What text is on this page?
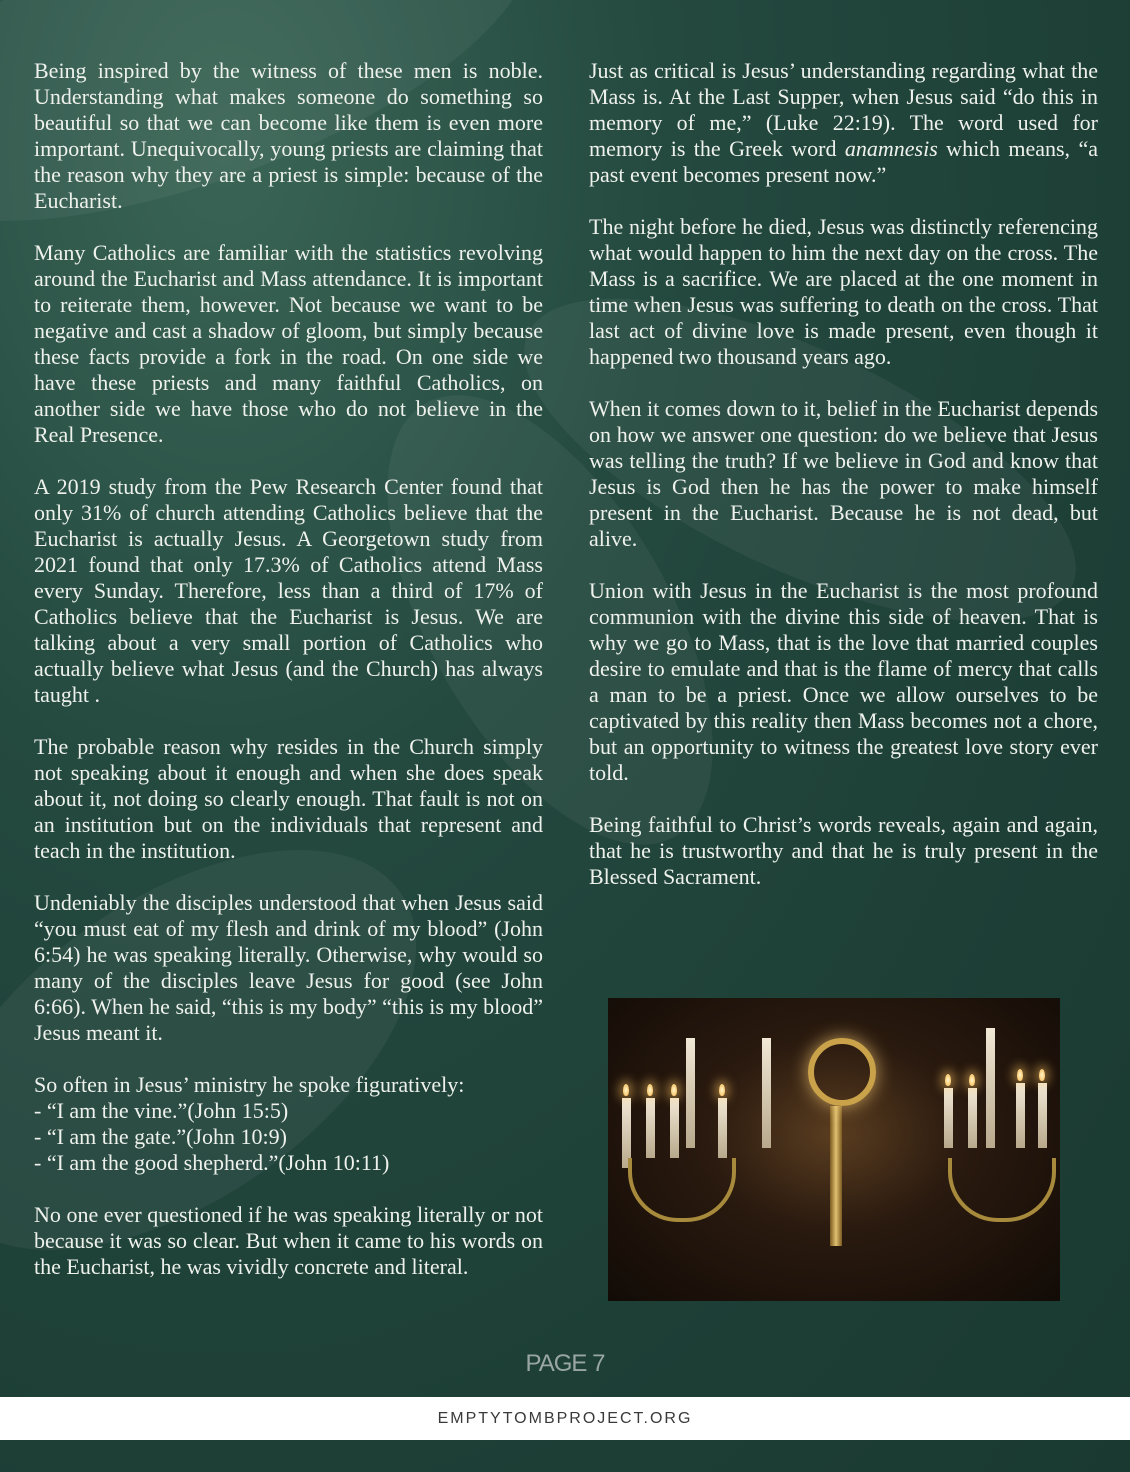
Being inspired by the witness of these men is noble. Understanding what makes someone do something so beautiful so that we can become like them is even more important. Unequivocally, young priests are claiming that the reason why they are a priest is simple: because of the Eucharist.

Many Catholics are familiar with the statistics revolving around the Eucharist and Mass attendance. It is important to reiterate them, however. Not because we want to be negative and cast a shadow of gloom, but simply because these facts provide a fork in the road. On one side we have these priests and many faithful Catholics, on another side we have those who do not believe in the Real Presence.

A 2019 study from the Pew Research Center found that only 31% of church attending Catholics believe that the Eucharist is actually Jesus. A Georgetown study from 2021 found that only 17.3% of Catholics attend Mass every Sunday. Therefore, less than a third of 17% of Catholics believe that the Eucharist is Jesus. We are talking about a very small portion of Catholics who actually believe what Jesus (and the Church) has always taught .

The probable reason why resides in the Church simply not speaking about it enough and when she does speak about it, not doing so clearly enough. That fault is not on an institution but on the individuals that represent and teach in the institution.

Undeniably the disciples understood that when Jesus said “you must eat of my flesh and drink of my blood” (John 6:54) he was speaking literally. Otherwise, why would so many of the disciples leave Jesus for good (see John 6:66). When he said, “this is my body” “this is my blood” Jesus meant it.

So often in Jesus’ ministry he spoke figuratively:

- “I am the vine.”(John 15:5)

- “I am the gate.”(John 10:9)

- “I am the good shepherd.”(John 10:11)

No one ever questioned if he was speaking literally or not because it was so clear. But when it came to his words on the Eucharist, he was vividly concrete and literal.

Just as critical is Jesus’ understanding regarding what the Mass is. At the Last Supper, when Jesus said “do this in memory of me,” (Luke 22:19). The word used for memory is the Greek word anamnesis which means, “a past event becomes present now.”

The night before he died, Jesus was distinctly referencing what would happen to him the next day on the cross. The Mass is a sacrifice. We are placed at the one moment in time when Jesus was suffering to death on the cross. That last act of divine love is made present, even though it happened two thousand years ago.

When it comes down to it, belief in the Eucharist depends on how we answer one question: do we believe that Jesus was telling the truth? If we believe in God and know that Jesus is God then he has the power to make himself present in the Eucharist. Because he is not dead, but alive.

Union with Jesus in the Eucharist is the most profound communion with the divine this side of heaven. That is why we go to Mass, that is the love that married couples desire to emulate and that is the flame of mercy that calls a man to be a priest. Once we allow ourselves to be captivated by this reality then Mass becomes not a chore, but an opportunity to witness the greatest love story ever told.

Being faithful to Christ’s words reveals, again and again, that he is trustworthy and that he is truly present in the Blessed Sacrament.

PAGE 7
EMPTYTOMBPROJECT.ORG
